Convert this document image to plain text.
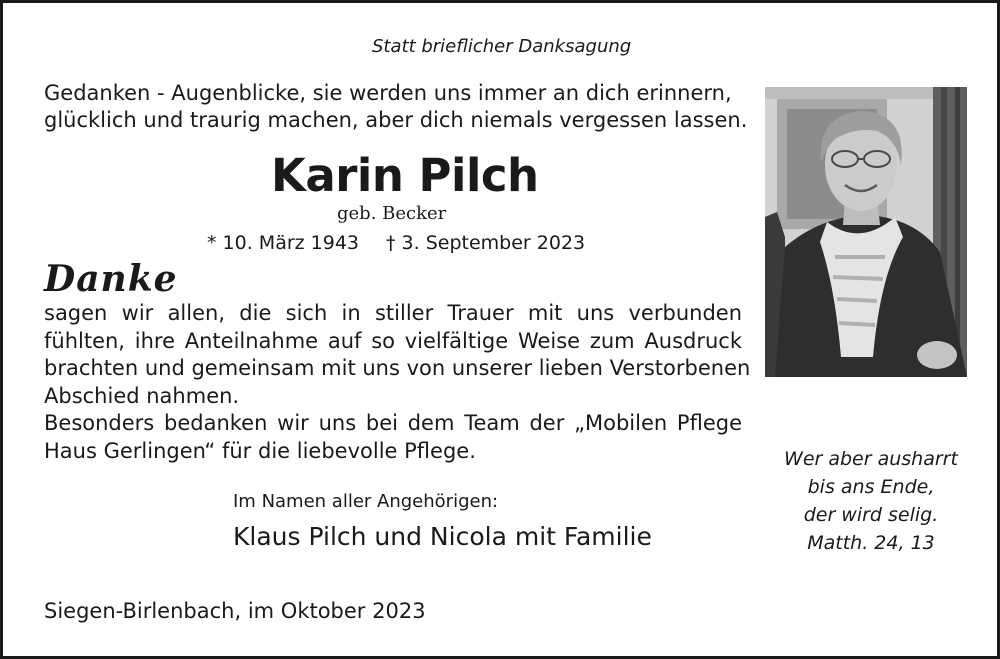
Statt brieflicher Danksagung
Gedanken - Augenblicke, sie werden uns immer an dich erinnern,
glücklich und traurig machen, aber dich niemals vergessen lassen.
Karin Pilch
geb. Becker
* 10. März 1943 † 3. September 2023
Danke
sagen wir allen, die sich in stiller Trauer mit uns verbunden
fühlten, ihre Anteilnahme auf so vielfältige Weise zum Ausdruck
brachten und gemeinsam mit uns von unserer lieben Verstorbenen
Abschied nahmen.
Besonders bedanken wir uns bei dem Team der „Mobilen Pflege
Haus Gerlingen“ für die liebevolle Pflege.
Im Namen aller Angehörigen:
Klaus Pilch und Nicola mit Familie
Siegen-Birlenbach, im Oktober 2023
Wer aber ausharrt
bis ans Ende,
der wird selig.
Matth. 24, 13
